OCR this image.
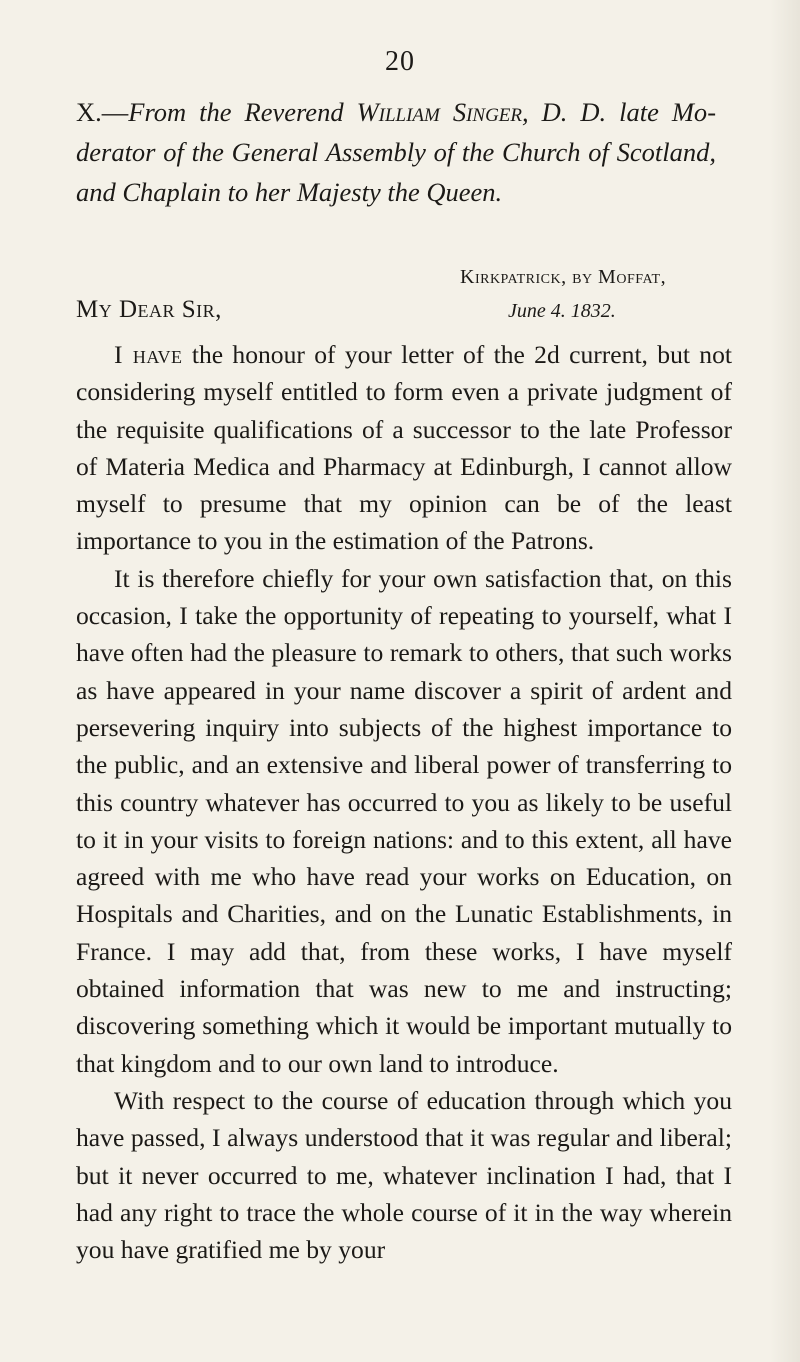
20
X.—From the Reverend William Singer, D. D. late Moderator of the General Assembly of the Church of Scotland, and Chaplain to her Majesty the Queen.
Kirkpatrick, by Moffat,
My Dear Sir,	June 4. 1832.

I have the honour of your letter of the 2d current, but not considering myself entitled to form even a private judgment of the requisite qualifications of a successor to the late Professor of Materia Medica and Pharmacy at Edinburgh, I cannot allow myself to presume that my opinion can be of the least importance to you in the estimation of the Patrons.

It is therefore chiefly for your own satisfaction that, on this occasion, I take the opportunity of repeating to yourself, what I have often had the pleasure to remark to others, that such works as have appeared in your name discover a spirit of ardent and persevering inquiry into subjects of the highest importance to the public, and an extensive and liberal power of transferring to this country whatever has occurred to you as likely to be useful to it in your visits to foreign nations: and to this extent, all have agreed with me who have read your works on Education, on Hospitals and Charities, and on the Lunatic Establishments, in France. I may add that, from these works, I have myself obtained information that was new to me and instructing; discovering something which it would be important mutually to that kingdom and to our own land to introduce.

With respect to the course of education through which you have passed, I always understood that it was regular and liberal; but it never occurred to me, whatever inclination I had, that I had any right to trace the whole course of it in the way wherein you have gratified me by your
